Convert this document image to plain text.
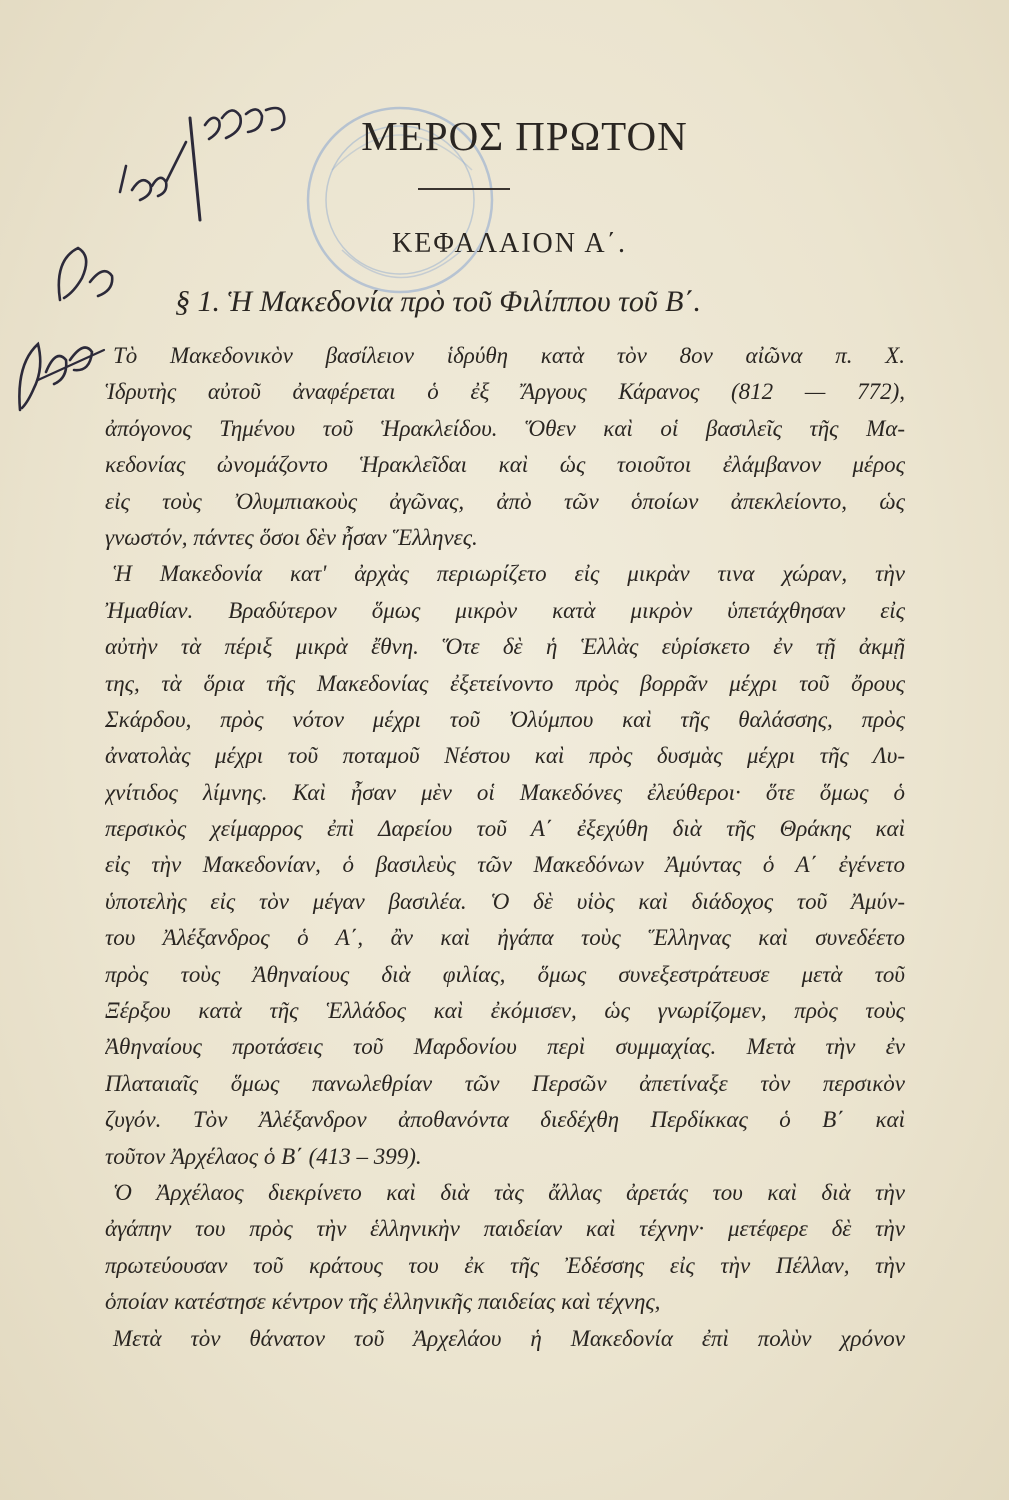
ΜΕΡΟΣ ΠΡΩΤΟΝ
ΚΕΦΑΛΑΙΟΝ Α΄.
§ 1. Ἡ Μακεδονία πρὸ τοῦ Φιλίππου τοῦ Β΄.
Τὸ Μακεδονικὸν βασίλειον ἱδρύθη κατὰ τὸν 8ον αἰῶνα π. Χ.
Ἱδρυτὴς αὐτοῦ ἀναφέρεται ὁ ἐξ Ἄργους Κάρανος (812 — 772),
ἀπόγονος Τημένου τοῦ Ἡρακλείδου. Ὅθεν καὶ οἱ βασιλεῖς τῆς Μα-
κεδονίας ὠνομάζοντο Ἡρακλεῖδαι καὶ ὡς τοιοῦτοι ἐλάμβανον μέρος
εἰς τοὺς Ὀλυμπιακοὺς ἀγῶνας, ἀπὸ τῶν ὁποίων ἀπεκλείοντο, ὡς
γνωστόν, πάντες ὅσοι δὲν ἦσαν Ἕλληνες.
Ἡ Μακεδονία κατ' ἀρχὰς περιωρίζετο εἰς μικρὰν τινα χώραν, τὴν
Ἠμαθίαν. Βραδύτερον ὅμως μικρὸν κατὰ μικρὸν ὑπετάχθησαν εἰς
αὐτὴν τὰ πέριξ μικρὰ ἔθνη. Ὅτε δὲ ἡ Ἑλλὰς εὑρίσκετο ἐν τῇ ἀκμῇ
της, τὰ ὅρια τῆς Μακεδονίας ἐξετείνοντο πρὸς βορρᾶν μέχρι τοῦ ὄρους
Σκάρδου, πρὸς νότον μέχρι τοῦ Ὀλύμπου καὶ τῆς θαλάσσης, πρὸς
ἀνατολὰς μέχρι τοῦ ποταμοῦ Νέστου καὶ πρὸς δυσμὰς μέχρι τῆς Λυ-
χνίτιδος λίμνης. Καὶ ἦσαν μὲν οἱ Μακεδόνες ἐλεύθεροι· ὅτε ὅμως ὁ
περσικὸς χείμαρρος ἐπὶ Δαρείου τοῦ Α΄ ἐξεχύθη διὰ τῆς Θράκης καὶ
εἰς τὴν Μακεδονίαν, ὁ βασιλεὺς τῶν Μακεδόνων Ἀμύντας ὁ Α΄ ἐγένετο
ὑποτελὴς εἰς τὸν μέγαν βασιλέα. Ὁ δὲ υἱὸς καὶ διάδοχος τοῦ Ἀμύν-
του Ἀλέξανδρος ὁ Α΄, ἂν καὶ ἠγάπα τοὺς Ἕλληνας καὶ συνεδέετο
πρὸς τοὺς Ἀθηναίους διὰ φιλίας, ὅμως συνεξεστράτευσε μετὰ τοῦ
Ξέρξου κατὰ τῆς Ἑλλάδος καὶ ἐκόμισεν, ὡς γνωρίζομεν, πρὸς τοὺς
Ἀθηναίους προτάσεις τοῦ Μαρδονίου περὶ συμμαχίας. Μετὰ τὴν ἐν
Πλαταιαῖς ὅμως πανωλεθρίαν τῶν Περσῶν ἀπετίναξε τὸν περσικὸν
ζυγόν. Τὸν Ἀλέξανδρον ἀποθανόντα διεδέχθη Περδίκκας ὁ Β΄ καὶ
τοῦτον Ἀρχέλαος ὁ Β΄ (413 – 399).
Ὁ Ἀρχέλαος διεκρίνετο καὶ διὰ τὰς ἄλλας ἀρετάς του καὶ διὰ τὴν
ἀγάπην του πρὸς τὴν ἑλληνικὴν παιδείαν καὶ τέχνην· μετέφερε δὲ τὴν
πρωτεύουσαν τοῦ κράτους του ἐκ τῆς Ἐδέσσης εἰς τὴν Πέλλαν, τὴν
ὁποίαν κατέστησε κέντρον τῆς ἑλληνικῆς παιδείας καὶ τέχνης,
Μετὰ τὸν θάνατον τοῦ Ἀρχελάου ἡ Μακεδονία ἐπὶ πολὺν χρόνον
